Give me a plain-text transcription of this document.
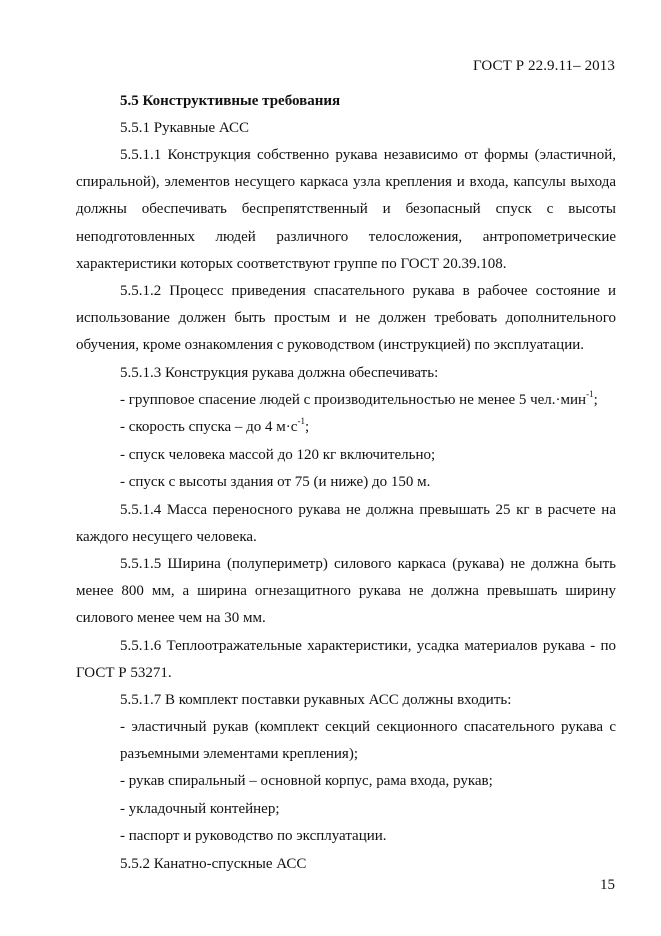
ГОСТ Р 22.9.11– 2013

5.5 Конструктивные требования

5.5.1 Рукавные АСС

5.5.1.1 Конструкция собственно рукава независимо от формы (эластичной, спиральной), элементов несущего каркаса узла крепления и входа, капсулы выхода должны обеспечивать беспрепятственный и безопасный спуск с высоты неподготовленных людей различного телосложения, антропометрические характеристики которых соответствуют группе по ГОСТ 20.39.108.

5.5.1.2 Процесс приведения спасательного рукава в рабочее состояние и использование должен быть простым и не должен требовать дополнительного обучения, кроме ознакомления с руководством (инструкцией) по эксплуатации.

5.5.1.3 Конструкция рукава должна обеспечивать:

- групповое спасение людей с производительностью не менее 5 чел.·мин$^{-1}$;

- скорость спуска – до 4 $м\cdot с^{-1}$;

- спуск человека массой до 120 кг включительно;

- спуск с высоты здания от 75 (и ниже) до 150 м.

5.5.1.4 Масса переносного рукава не должна превышать 25 кг в расчете на каждого несущего человека.

5.5.1.5 Ширина (полупериметр) силового каркаса (рукава) не должна быть менее 800 мм, а ширина огнезащитного рукава не должна превышать ширину силового менее чем на 30 мм.

5.5.1.6 Теплоотражательные характеристики, усадка материалов рукава - по ГОСТ Р 53271.

5.5.1.7 В комплект поставки рукавных АСС должны входить:

- эластичный рукав (комплект секций секционного спасательного рукава с разъемными элементами крепления);

- рукав спиральный – основной корпус, рама входа, рукав;

- укладочный контейнер;

- паспорт и руководство по эксплуатации.

5.5.2 Канатно-спускные АСС

15
